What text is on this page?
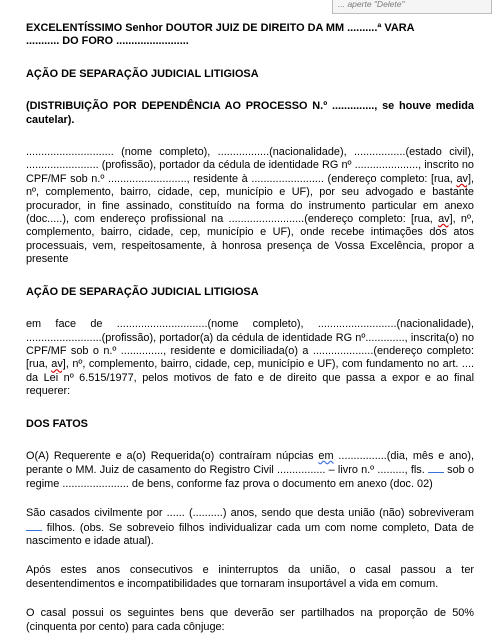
... aperte "Delete"

EXCELENTÍSSIMO Senhor DOUTOR JUIZ DE DIREITO DA MM ..........ª VARA
........... DO FORO ........................

AÇÃO DE SEPARAÇÃO JUDICIAL LITIGIOSA

(DISTRIBUIÇÃO POR DEPENDÊNCIA AO PROCESSO N.º .............., se houve medida cautelar).

............................. (nome completo), .................(nacionalidade), .................(estado civil), ........................ (profissão), portador da cédula de identidade RG nº ....................., inscrito no CPF/MF sob n.º .........................., residente à ........................ (endereço completo: [rua, av], nº, complemento, bairro, cidade, cep, município e UF), por seu advogado e bastante procurador, in fine assinado, constituído na forma do instrumento particular em anexo (doc.....), com endereço profissional na .........................(endereço completo: [rua, av], nº, complemento, bairro, cidade, cep, município e UF), onde recebe intimações dos atos processuais, vem, respeitosamente, à honrosa presença de Vossa Excelência, propor a presente

AÇÃO DE SEPARAÇÃO JUDICIAL LITIGIOSA

em face de ..............................(nome completo), ..........................(nacionalidade), .........................(profissão), portador(a) da cédula de identidade RG nº............., inscrita(o) no CPF/MF sob o n.º .............., residente e domiciliada(o) a ....................(endereço completo: [rua, av], nº, complemento, bairro, cidade, cep, município e UF), com fundamento no art. .... da Lei nº 6.515/1977, pelos motivos de fato e de direito que passa a expor e ao final requerer:

DOS FATOS

O(A) Requerente e a(o) Requerida(o) contraíram núpcias em ................(dia, mês e ano), perante o MM. Juiz de casamento do Registro Civil ................ – livro n.º ........., fls.  sob o regime ...................... de bens, conforme faz prova o documento em anexo (doc. 02)

São casados civilmente por ...... (..........) anos, sendo que desta união (não) sobreviveram  filhos. (obs. Se sobreveio filhos individualizar cada um com nome completo, Data de nascimento e idade atual).

Após estes anos consecutivos e ininterruptos da união, o casal passou a ter desentendimentos e incompatibilidades que tornaram insuportável a vida em comum.

O casal possui os seguintes bens que deverão ser partilhados na proporção de 50% (cinquenta por cento) para cada cônjuge:
